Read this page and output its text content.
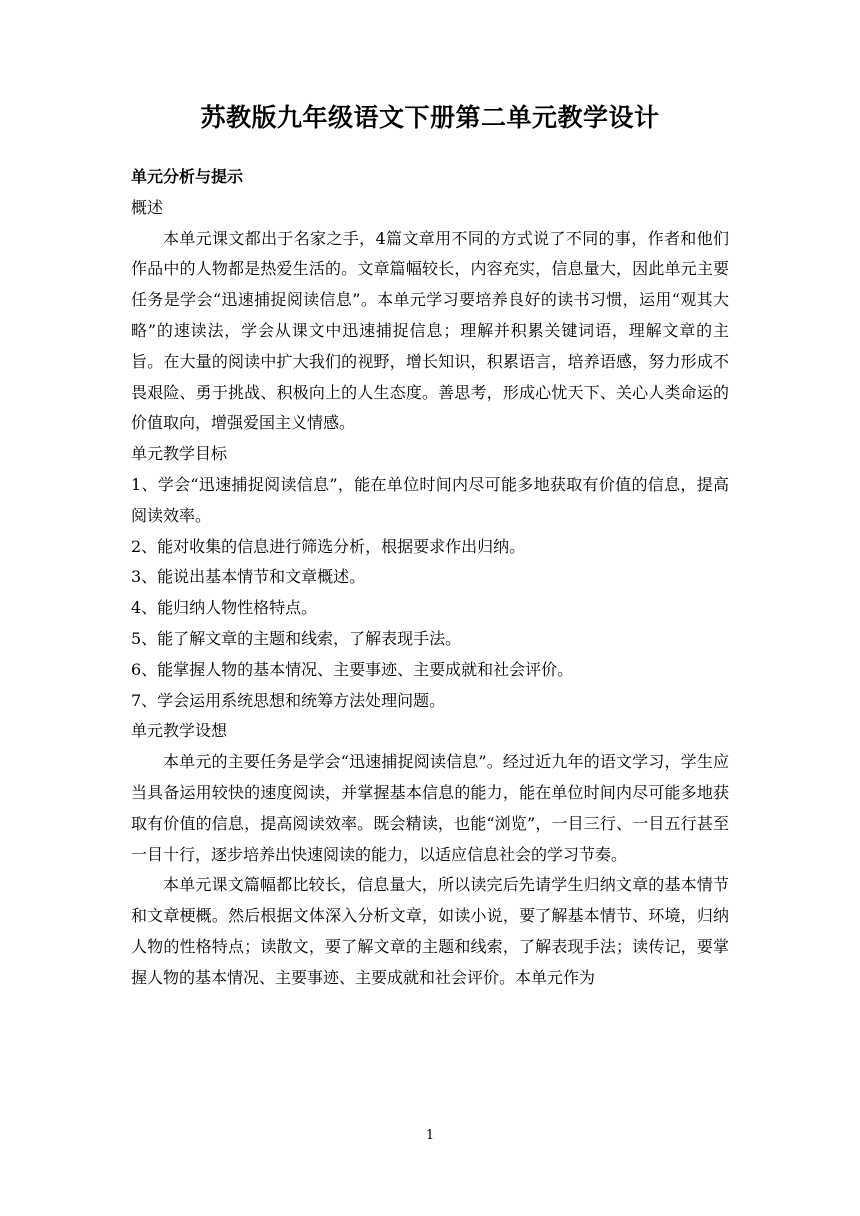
苏教版九年级语文下册第二单元教学设计

单元分析与提示

概述

本单元课文都出于名家之手，4篇文章用不同的方式说了不同的事，作者和他们作品中的人物都是热爱生活的。文章篇幅较长，内容充实，信息量大，因此单元主要任务是学会“迅速捕捉阅读信息”。本单元学习要培养良好的读书习惯，运用“观其大略”的速读法，学会从课文中迅速捕捉信息；理解并积累关键词语，理解文章的主旨。在大量的阅读中扩大我们的视野，增长知识，积累语言，培养语感，努力形成不畏艰险、勇于挑战、积极向上的人生态度。善思考，形成心忧天下、关心人类命运的价值取向，增强爱国主义情感。

单元教学目标

1、学会“迅速捕捉阅读信息”，能在单位时间内尽可能多地获取有价值的信息，提高阅读效率。

2、能对收集的信息进行筛选分析，根据要求作出归纳。

3、能说出基本情节和文章概述。

4、能归纳人物性格特点。

5、能了解文章的主题和线索，了解表现手法。

6、能掌握人物的基本情况、主要事迹、主要成就和社会评价。

7、学会运用系统思想和统筹方法处理问题。

单元教学设想

本单元的主要任务是学会“迅速捕捉阅读信息”。经过近九年的语文学习，学生应当具备运用较快的速度阅读，并掌握基本信息的能力，能在单位时间内尽可能多地获取有价值的信息，提高阅读效率。既会精读，也能“浏览”，一目三行、一目五行甚至一目十行，逐步培养出快速阅读的能力，以适应信息社会的学习节奏。

本单元课文篇幅都比较长，信息量大，所以读完后先请学生归纳文章的基本情节和文章梗概。然后根据文体深入分析文章，如读小说，要了解基本情节、环境，归纳人物的性格特点；读散文，要了解文章的主题和线索，了解表现手法；读传记，要掌握人物的基本情况、主要事迹、主要成就和社会评价。本单元作为

1
